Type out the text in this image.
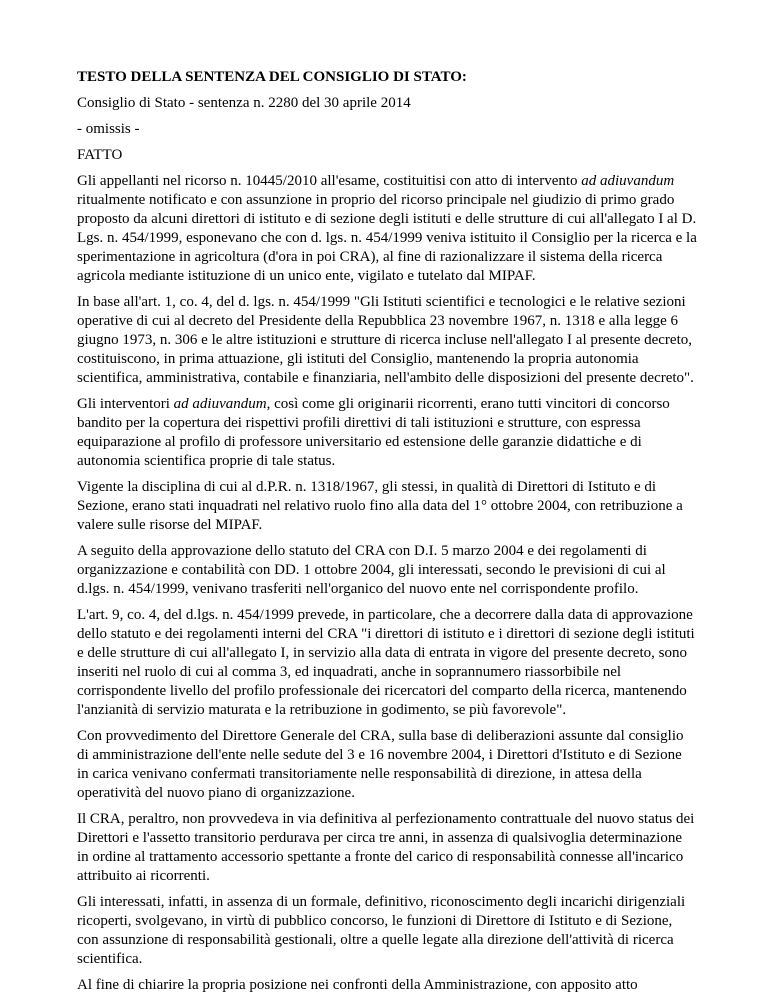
TESTO DELLA SENTENZA DEL CONSIGLIO DI STATO:

Consiglio di Stato - sentenza n. 2280 del 30 aprile 2014

- omissis -

FATTO

Gli appellanti nel ricorso n. 10445/2010 all'esame, costituitisi con atto di intervento ad adiuvandum ritualmente notificato e con assunzione in proprio del ricorso principale nel giudizio di primo grado proposto da alcuni direttori di istituto e di sezione degli istituti e delle strutture di cui all'allegato I al D. Lgs. n. 454/1999, esponevano che con d. lgs. n. 454/1999 veniva istituito il Consiglio per la ricerca e la sperimentazione in agricoltura (d'ora in poi CRA), al fine di razionalizzare il sistema della ricerca agricola mediante istituzione di un unico ente, vigilato e tutelato dal MIPAF.

In base all'art. 1, co. 4, del d. lgs. n. 454/1999 "Gli Istituti scientifici e tecnologici e le relative sezioni operative di cui al decreto del Presidente della Repubblica 23 novembre 1967, n. 1318 e alla legge 6 giugno 1973, n. 306 e le altre istituzioni e strutture di ricerca incluse nell'allegato I al presente decreto, costituiscono, in prima attuazione, gli istituti del Consiglio, mantenendo la propria autonomia scientifica, amministrativa, contabile e finanziaria, nell'ambito delle disposizioni del presente decreto".

Gli interventori ad adiuvandum, così come gli originarii ricorrenti, erano tutti vincitori di concorso bandito per la copertura dei rispettivi profili direttivi di tali istituzioni e strutture, con espressa equiparazione al profilo di professore universitario ed estensione delle garanzie didattiche e di autonomia scientifica proprie di tale status.

Vigente la disciplina di cui al d.P.R. n. 1318/1967, gli stessi, in qualità di Direttori di Istituto e di Sezione, erano stati inquadrati nel relativo ruolo fino alla data del 1° ottobre 2004, con retribuzione a valere sulle risorse del MIPAF.

A seguito della approvazione dello statuto del CRA con D.I. 5 marzo 2004 e dei regolamenti di organizzazione e contabilità con DD. 1 ottobre 2004, gli interessati, secondo le previsioni di cui al d.lgs. n. 454/1999, venivano trasferiti nell'organico del nuovo ente nel corrispondente profilo.

L'art. 9, co. 4, del d.lgs. n. 454/1999 prevede, in particolare, che a decorrere dalla data di approvazione dello statuto e dei regolamenti interni del CRA "i direttori di istituto e i direttori di sezione degli istituti e delle strutture di cui all'allegato I, in servizio alla data di entrata in vigore del presente decreto, sono inseriti nel ruolo di cui al comma 3, ed inquadrati, anche in soprannumero riassorbibile nel corrispondente livello del profilo professionale dei ricercatori del comparto della ricerca, mantenendo l'anzianità di servizio maturata e la retribuzione in godimento, se più favorevole".

Con provvedimento del Direttore Generale del CRA, sulla base di deliberazioni assunte dal consiglio di amministrazione dell'ente nelle sedute del 3 e 16 novembre 2004, i Direttori d'Istituto e di Sezione in carica venivano confermati transitoriamente nelle responsabilità di direzione, in attesa della operatività del nuovo piano di organizzazione.

Il CRA, peraltro, non provvedeva in via definitiva al perfezionamento contrattuale del nuovo status dei Direttori e l'assetto transitorio perdurava per circa tre anni, in assenza di qualsivoglia determinazione in ordine al trattamento accessorio spettante a fronte del carico di responsabilità connesse all'incarico attribuito ai ricorrenti.

Gli interessati, infatti, in assenza di un formale, definitivo, riconoscimento degli incarichi dirigenziali ricoperti, svolgevano, in virtù di pubblico concorso, le funzioni di Direttore di Istituto e di Sezione, con assunzione di responsabilità gestionali, oltre a quelle legate alla direzione dell'attività di ricerca scientifica.

Al fine di chiarire la propria posizione nei confronti della Amministrazione, con apposito atto
